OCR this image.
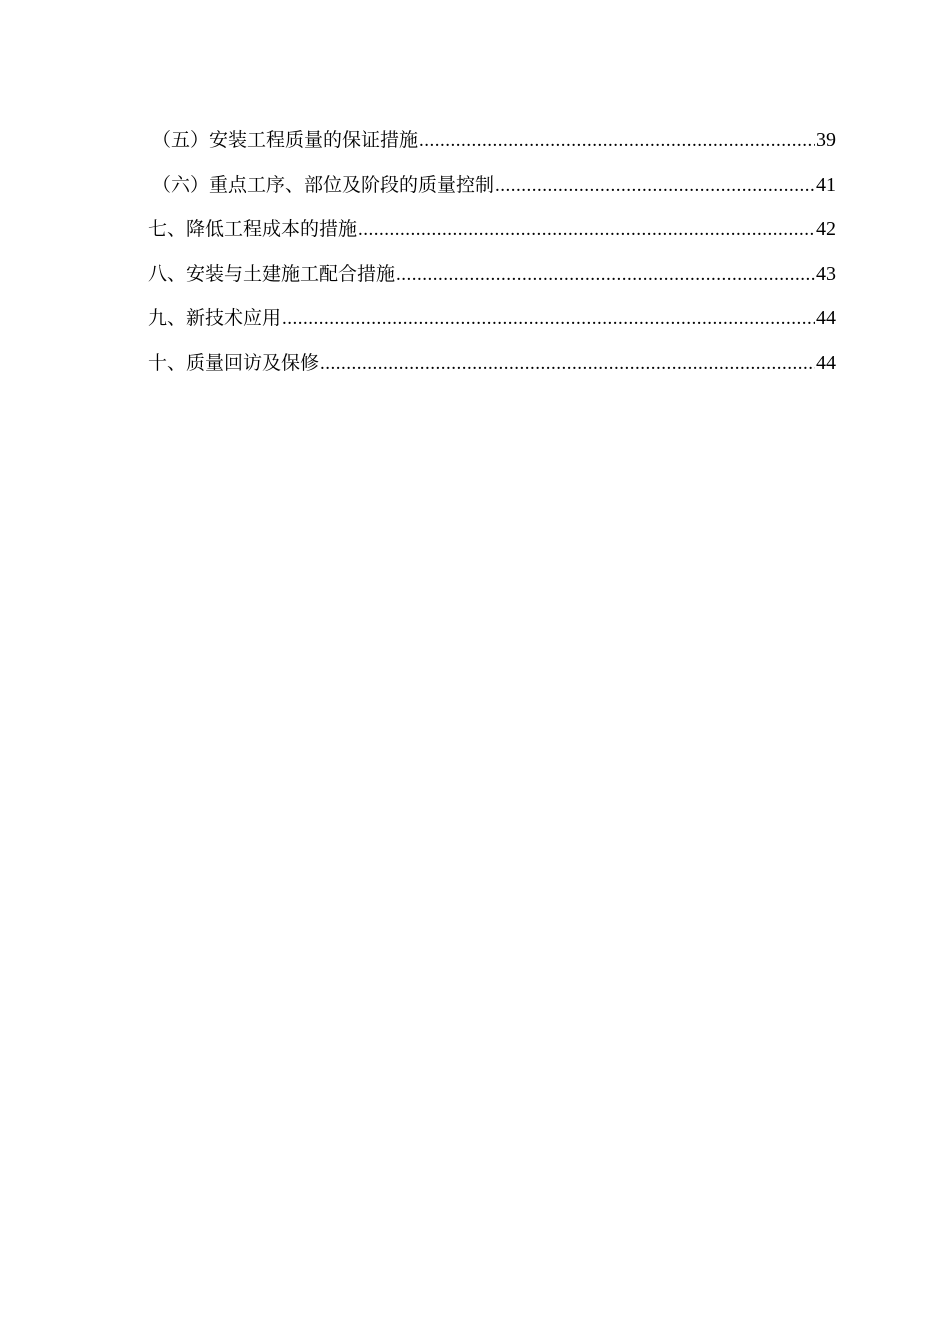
（五）安装工程质量的保证措施 .....	39
（六）重点工序、部位及阶段的质量控制 .....	41
七、降低工程成本的措施 .....	42
八、安装与土建施工配合措施 .....	43
九、新技术应用 .....	44
十、质量回访及保修 .....	44
